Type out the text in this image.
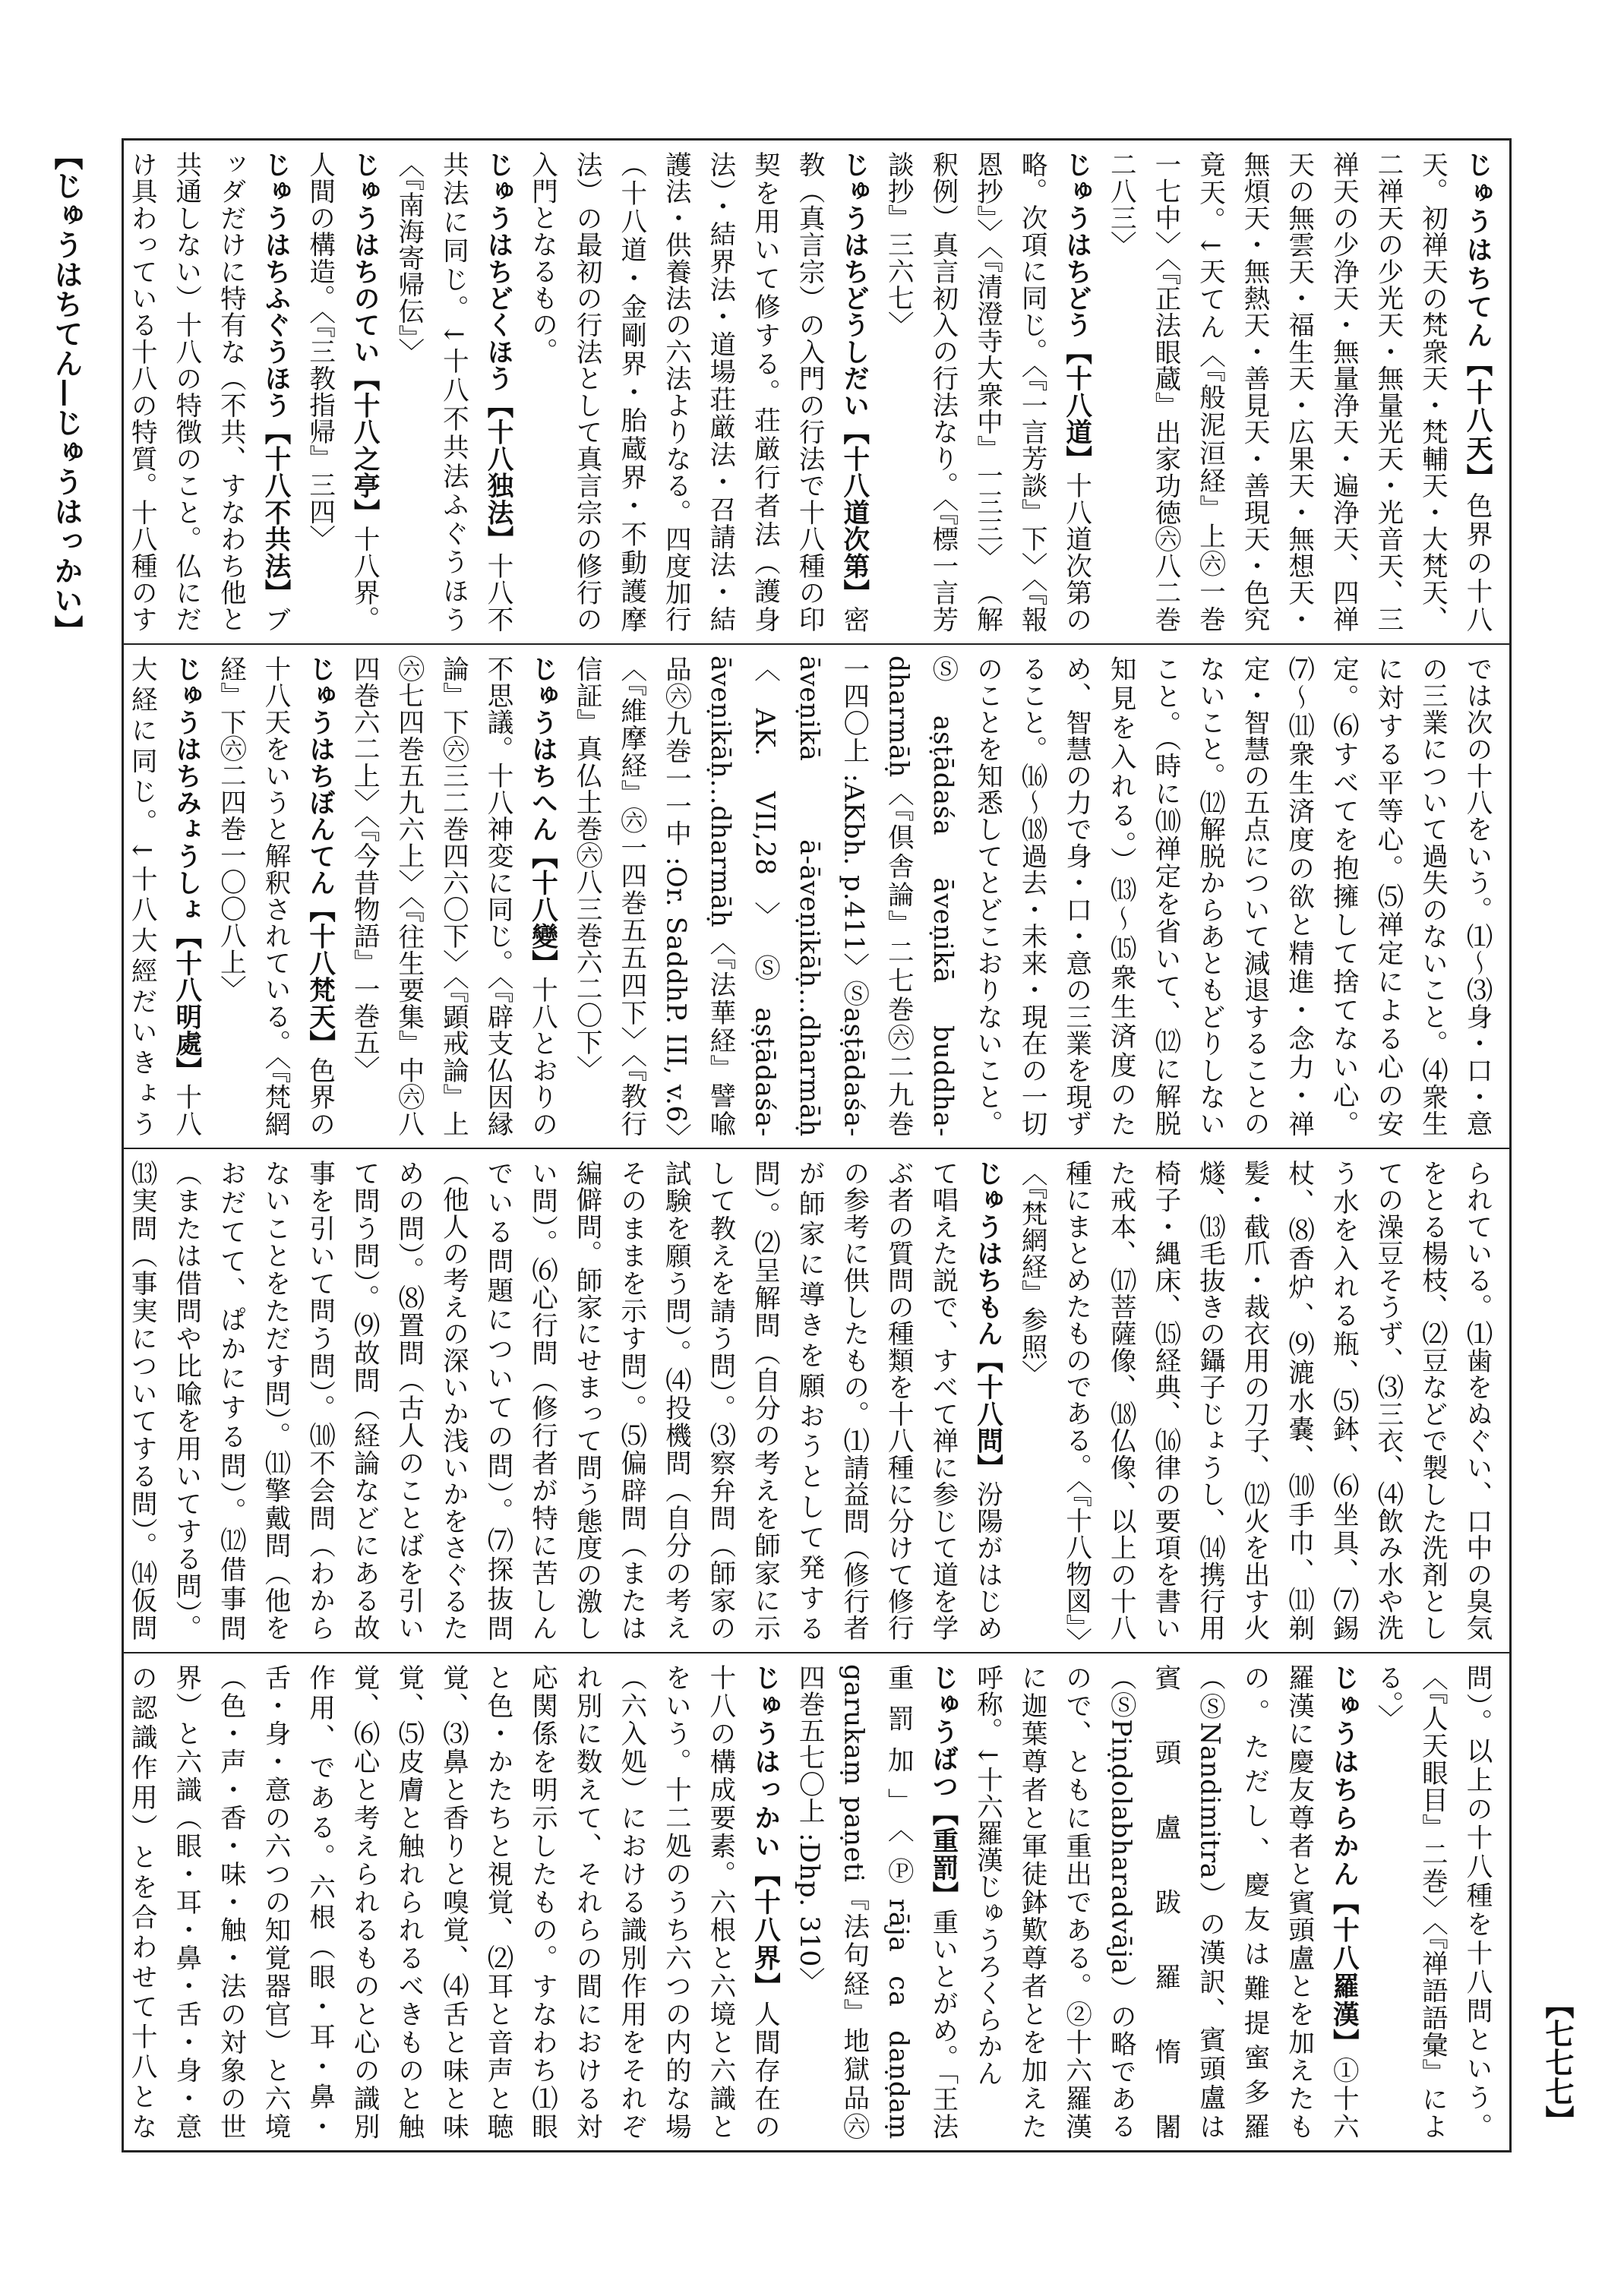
【じゅうはちてん—じゅうはっかい】	じゅうはちてん【十八天】色界の十八天。初禅天の梵衆天・梵輔天・大梵天、二禅天の少光天・無量光天・光音天、三禅天の少浄天・無量浄天・遍浄天、四禅天の無雲天・福生天・広果天・無想天・無煩天・無熱天・善見天・善現天・色究竟天。↓天てん〈『般泥洹経』上㊅一巻一七中〉〈『正法眼蔵』出家功徳㊅八二巻二八三〉
じゅうはちどう【十八道】十八道次第の略。次項に同じ。〈『一言芳談』下〉〈『報恩抄』〉〈『清澄寺大衆中』一三三〉 （解釈例）真言初入の行法なり。〈『標一言芳談抄』三六七〉
じゅうはちどうしだい【十八道次第】密教（真言宗）の入門の行法で十八種の印契を用いて修する。荘厳行者法（護身法）・結界法・道場荘厳法・召請法・結護法・供養法の六法よりなる。四度加行（十八道・金剛界・胎蔵界・不動護摩法）の最初の行法として真言宗の修行の入門となるもの。
じゅうはちどくほう【十八独法】十八不共法に同じ。↓十八不共法ふぐうほう〈『南海寄帰伝』〉
じゅうはちのてい【十八之亭】十八界。人間の構造。〈『三教指帰』三四〉
じゅうはちふぐうほう【十八不共法】ブッダだけに特有な（不共、すなわち他と共通しない）十八の特徴のこと。仏にだけ具わっている十八の特質。十八種のす

では次の十八をいう。⑴〜⑶身・口・意の三業について過失のないこと。⑷衆生に対する平等心。⑸禅定による心の安定。⑹すべてを抱擁して捨てない心。⑺〜⑾衆生済度の欲と精進・念力・禅定・智慧の五点について減退することのないこと。⑿解脱からあともどりしないこと。（時に⑽禅定を省いて、⑿に解脱知見を入れる。）⒀〜⒂衆生済度のため、智慧の力で身・口・意の三業を現ずること。⒃〜⒅過去・未来・現在の一切のことを知悉してとどこおりないこと。Ⓢaṣṭādaśa āveṇikā buddha-dharmāḥ〈『倶舎論』二七巻㊅二九巻一四〇上 :AKbh. p.411〉Ⓢaṣṭādaśa-āveṇikā ā-āveṇikāḥ…dharmāḥ〈AK. VII,28〉Ⓢaṣṭādaśa-āveṇikāḥ…dharmāḥ〈『法華経』譬喩品㊅九巻一一中 :Or. SaddhP. III, v.6〉〈『維摩経』㊅一四巻五五四下〉〈『教行信証』真仏土巻㊅八三巻六二〇下〉
じゅうはちへん【十八變】十八とおりの不思議。十八神変に同じ。〈『辟支仏因縁論』下㊅三二巻四六〇下〉〈『顕戒論』上㊅七四巻五九六上〉〈『往生要集』中㊅八四巻六二上〉〈『今昔物語』一巻五〉
じゅうはちぼんてん【十八梵天】色界の十八天をいうと解釈されている。〈『梵網経』下㊅二四巻一〇〇八上〉
じゅうはちみょうしょ【十八明處】十八大経に同じ。↓十八大經だいきょう

られている。⑴歯をぬぐい、口中の臭気をとる楊枝、⑵豆などで製した洗剤としての澡豆そうず、⑶三衣、⑷飲み水や洗う水を入れる瓶、⑸鉢、⑹坐具、⑺錫杖、⑻香炉、⑼漉水嚢、⑽手巾、⑾剃髪・截爪・裁衣用の刀子、⑿火を出す火燧、⒀毛抜きの鑷子じょうし、⒁携行用椅子・縄床、⒂経典、⒃律の要項を書いた戒本、⒄菩薩像、⒅仏像、以上の十八種にまとめたものである。〈『十八物図』〉〈『梵網経』参照〉
じゅうはちもん【十八問】汾陽がはじめて唱えた説で、すべて禅に参じて道を学ぶ者の質問の種類を十八種に分けて修行の参考に供したもの。⑴請益問（修行者が師家に導きを願おうとして発する問）。⑵呈解問（自分の考えを師家に示して教えを請う問）。⑶察弁問（師家の試験を願う問）。⑷投機問（自分の考えそのままを示す問）。⑸偏辟問（または編僻問。師家にせまって問う態度の激しい問）。⑹心行問（修行者が特に苦しんでいる問題についての問）。⑺探抜問（他人の考えの深いか浅いかをさぐるための問）。⑻置問（古人のことばを引いて問う問）。⑼故問（経論などにある故事を引いて問う問）。⑽不会問（わからないことをただす問）。⑾擎戴問（他をおだてて、ぱかにする問）。⑿借事問（または借問や比喩を用いてする問）。⒀実問（事実についてする問）。⒁仮問
問）。以上の十八種を十八問という。〈『人天眼目』二巻〉〈『禅語語彙』による。〉
じゅうはちらかん【十八羅漢】①十六羅漢に慶友尊者と賓頭盧とを加えたもの。ただし、慶友は難提蜜多羅（ⓈNandimitra）の漢訳、賓頭盧は賓頭盧跋羅惰闍（ⓈPiṇḍolabharadvāja）の略であるので、ともに重出である。②十六羅漢に迦葉尊者と軍徒鉢歎尊者とを加えた呼称。↓十六羅漢じゅうろくらかん
じゅうばつ【重罰】重いとがめ。「王法重罰加」〈Ⓟrāja ca daṇḍaṃ garukaṃ paṇeti『法句経』地獄品㊅四巻五七〇上 :Dhp. 310〉
じゅうはっかい【十八界】人間存在の十八の構成要素。六根と六境と六識とをいう。十二処のうち六つの内的な場（六入処）における識別作用をそれぞれ別に数えて、それらの間における対応関係を明示したもの。すなわち⑴眼と色・かたちと視覚、⑵耳と音声と聴覚、⑶鼻と香りと嗅覚、⑷舌と味と味覚、⑸皮膚と触れられるべきものと触覚、⑹心と考えられるものと心の識別作用、である。六根（眼・耳・鼻・舌・身・意の六つの知覚器官）と六境（色・声・香・味・触・法の対象の世界）と六識（眼・耳・鼻・舌・身・意の認識作用）とを合わせて十八とな	【七七七】
